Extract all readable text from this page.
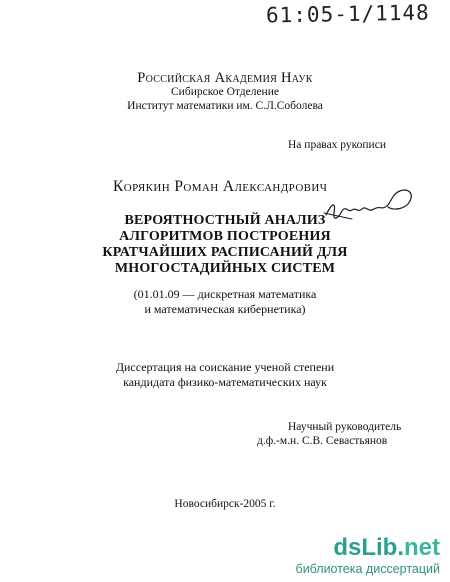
61:05-1/1148
Российская Академия Наук
Сибирское Отделение
Институт математики им. С.Л.Соболева
На правах рукописи
Корякин Роман Александрович
ВЕРОЯТНОСТНЫЙ АНАЛИЗ
АЛГОРИТМОВ ПОСТРОЕНИЯ
КРАТЧАЙШИХ РАСПИСАНИЙ ДЛЯ
МНОГОСТАДИЙНЫХ СИСТЕМ
(01.01.09 — дискретная математика
и математическая кибернетика)
Диссертация на соискание ученой степени
кандидата физико-математических наук
Научный руководитель
д.ф.-м.н. С.В. Севастьянов
Новосибирск-2005 г.
dsLib.net
библиотека диссертаций
